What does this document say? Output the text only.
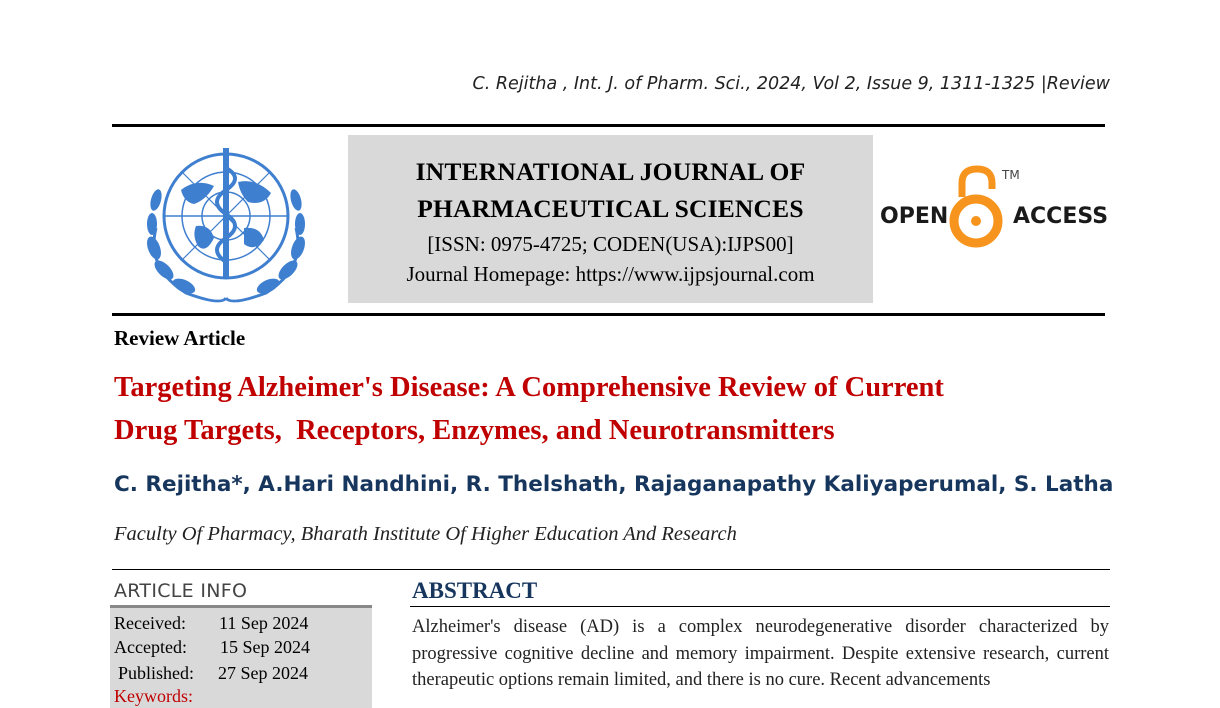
C. Rejitha , Int. J. of Pharm. Sci., 2024, Vol 2, Issue 9, 1311-1325 |Review
INTERNATIONAL JOURNAL OF
PHARMACEUTICAL SCIENCES
[ISSN: 0975-4725; CODEN(USA):IJPS00]
Journal Homepage: https://www.ijpsjournal.com
OPEN
TM
ACCESS
Review Article
Targeting Alzheimer's Disease: A Comprehensive Review of Current
Drug Targets,  Receptors, Enzymes, and Neurotransmitters
C. Rejitha*, A.Hari Nandhini, R. Thelshath, Rajaganapathy Kaliyaperumal, S. Latha
Faculty Of Pharmacy, Bharath Institute Of Higher Education And Research
ARTICLE INFO
Received: 11 Sep 2024
Accepted: 15 Sep 2024
Published: 27 Sep 2024
Keywords:
ABSTRACT
Alzheimer's disease (AD) is a complex neurodegenerative disorder characterized by progressive cognitive decline and memory impairment. Despite extensive research, current therapeutic options remain limited, and there is no cure. Recent advancements
